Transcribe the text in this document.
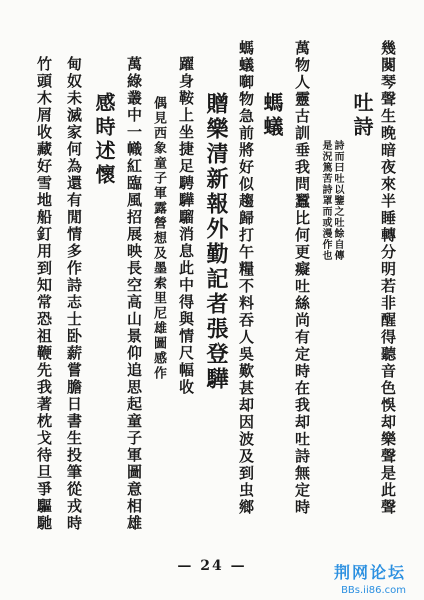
幾闋琴聲生晚暗夜來半睡轉分明若非醒得聽音色悞却樂聲是此聲
吐詩
詩而曰吐以鑒之吐餘自傳
是況篤苦詩罩而或漫作也
萬物人靈古訓垂我問蠶比何更癡吐絲尚有定時在我却吐詩無定時
螞蟻
螞蟻啣物急前將好似趨歸打午糧不料吞人吳歎甚却因波及到虫鄉
贈樂清新報外勤記者張登驊
躍身鞍上坐捷足騁驊騮消息此中得與情尺幅收
偶見西象童子軍露營想及墨索里尼雄圖感作
萬綠叢中一幟紅臨風招展映長空高山景仰追思起童子軍圖意相雄
感時述懷
甸奴未滅家何為還有閒情多作詩志士卧薪嘗膽日書生投筆從戎時
竹頭木屑收藏好雪地船釘用到知常恐祖鞭先我著枕戈待旦爭驅馳
— 24 —	荆网论坛
BBs.ii86.com
